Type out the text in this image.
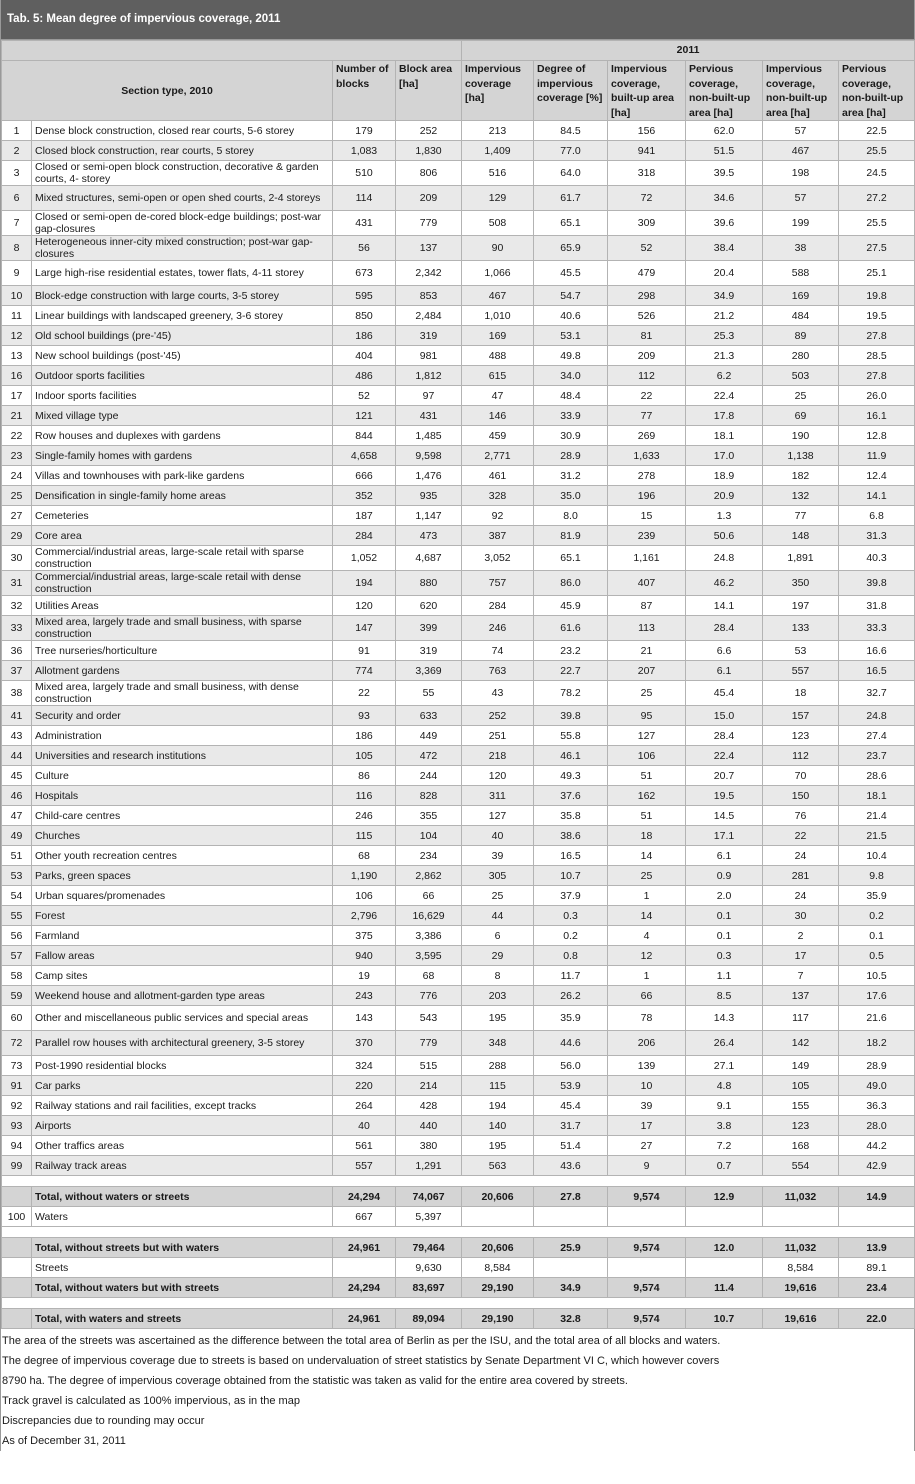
Tab. 5: Mean degree of impervious coverage, 2011
				2011					
Section type, 2010		Number of blocks	Block area [ha]	Impervious coverage [ha]	Degree of impervious coverage [%]	Impervious coverage, built-up area [ha]	Pervious coverage, non-built-up area [ha]	Impervious coverage, non-built-up area [ha]	Pervious coverage, non-built-up area [ha]
1	Dense block construction, closed rear courts, 5-6 storey	179	252	213	84.5	156	62.0	57	22.5
2	Closed block construction, rear courts, 5 storey	1,083	1,830	1,409	77.0	941	51.5	467	25.5
3	Closed or semi-open block construction, decorative & garden courts, 4- storey	510	806	516	64.0	318	39.5	198	24.5
6	Mixed structures, semi-open or open shed courts, 2-4 storeys	114	209	129	61.7	72	34.6	57	27.2
7	Closed or semi-open de-cored block-edge buildings; post-war gap-closures	431	779	508	65.1	309	39.6	199	25.5
8	Heterogeneous inner-city mixed construction; post-war gap-closures	56	137	90	65.9	52	38.4	38	27.5
9	Large high-rise residential estates, tower flats, 4-11 storey	673	2,342	1,066	45.5	479	20.4	588	25.1
10	Block-edge construction with large courts, 3-5 storey	595	853	467	54.7	298	34.9	169	19.8
11	Linear buildings with landscaped greenery, 3-6 storey	850	2,484	1,010	40.6	526	21.2	484	19.5
12	Old school buildings (pre-'45)	186	319	169	53.1	81	25.3	89	27.8
13	New school buildings (post-'45)	404	981	488	49.8	209	21.3	280	28.5
16	Outdoor sports facilities	486	1,812	615	34.0	112	6.2	503	27.8
17	Indoor sports facilities	52	97	47	48.4	22	22.4	25	26.0
21	Mixed village type	121	431	146	33.9	77	17.8	69	16.1
22	Row houses and duplexes with gardens	844	1,485	459	30.9	269	18.1	190	12.8
23	Single-family homes with gardens	4,658	9,598	2,771	28.9	1,633	17.0	1,138	11.9
24	Villas and townhouses with park-like gardens	666	1,476	461	31.2	278	18.9	182	12.4
25	Densification in single-family home areas	352	935	328	35.0	196	20.9	132	14.1
27	Cemeteries	187	1,147	92	8.0	15	1.3	77	6.8
29	Core area	284	473	387	81.9	239	50.6	148	31.3
30	Commercial/industrial areas, large-scale retail with sparse construction	1,052	4,687	3,052	65.1	1,161	24.8	1,891	40.3
31	Commercial/industrial areas, large-scale retail with dense construction	194	880	757	86.0	407	46.2	350	39.8
32	Utilities Areas	120	620	284	45.9	87	14.1	197	31.8
33	Mixed area, largely trade and small business, with sparse construction	147	399	246	61.6	113	28.4	133	33.3
36	Tree nurseries/horticulture	91	319	74	23.2	21	6.6	53	16.6
37	Allotment gardens	774	3,369	763	22.7	207	6.1	557	16.5
38	Mixed area, largely trade and small business, with dense construction	22	55	43	78.2	25	45.4	18	32.7
41	Security and order	93	633	252	39.8	95	15.0	157	24.8
43	Administration	186	449	251	55.8	127	28.4	123	27.4
44	Universities and research institutions	105	472	218	46.1	106	22.4	112	23.7
45	Culture	86	244	120	49.3	51	20.7	70	28.6
46	Hospitals	116	828	311	37.6	162	19.5	150	18.1
47	Child-care centres	246	355	127	35.8	51	14.5	76	21.4
49	Churches	115	104	40	38.6	18	17.1	22	21.5
51	Other youth recreation centres	68	234	39	16.5	14	6.1	24	10.4
53	Parks, green spaces	1,190	2,862	305	10.7	25	0.9	281	9.8
54	Urban squares/promenades	106	66	25	37.9	1	2.0	24	35.9
55	Forest	2,796	16,629	44	0.3	14	0.1	30	0.2
56	Farmland	375	3,386	6	0.2	4	0.1	2	0.1
57	Fallow areas	940	3,595	29	0.8	12	0.3	17	0.5
58	Camp sites	19	68	8	11.7	1	1.1	7	10.5
59	Weekend house and allotment-garden type areas	243	776	203	26.2	66	8.5	137	17.6
60	Other and miscellaneous public services and special areas	143	543	195	35.9	78	14.3	117	21.6
72	Parallel row houses with architectural greenery, 3-5 storey	370	779	348	44.6	206	26.4	142	18.2
73	Post-1990 residential blocks	324	515	288	56.0	139	27.1	149	28.9
91	Car parks	220	214	115	53.9	10	4.8	105	49.0
92	Railway stations and rail facilities, except tracks	264	428	194	45.4	39	9.1	155	36.3
93	Airports	40	440	140	31.7	17	3.8	123	28.0
94	Other traffics areas	561	380	195	51.4	27	7.2	168	44.2
99	Railway track areas	557	1,291	563	43.6	9	0.7	554	42.9

	Total, without waters or streets	24,294	74,067	20,606	27.8	9,574	12.9	11,032	14.9
100	Waters	667	5,397						

	Total, without streets but with waters	24,961	79,464	20,606	25.9	9,574	12.0	11,032	13.9
	Streets		9,630	8,584				8,584	89.1
	Total, without waters but with streets	24,294	83,697	29,190	34.9	9,574	11.4	19,616	23.4

	Total, with waters and streets	24,961	89,094	29,190	32.8	9,574	10.7	19,616	22.0
The area of the streets was ascertained as the difference between the total area of Berlin as per the ISU, and the total area of all blocks and waters.
The degree of impervious coverage due to streets is based on undervaluation of street statistics by Senate Department VI C, which however covers
8790 ha. The degree of impervious coverage obtained from the statistic was taken as valid for the entire area covered by streets.
Track gravel is calculated as 100% impervious, as in the map
Discrepancies due to rounding may occur
As of December 31, 2011
